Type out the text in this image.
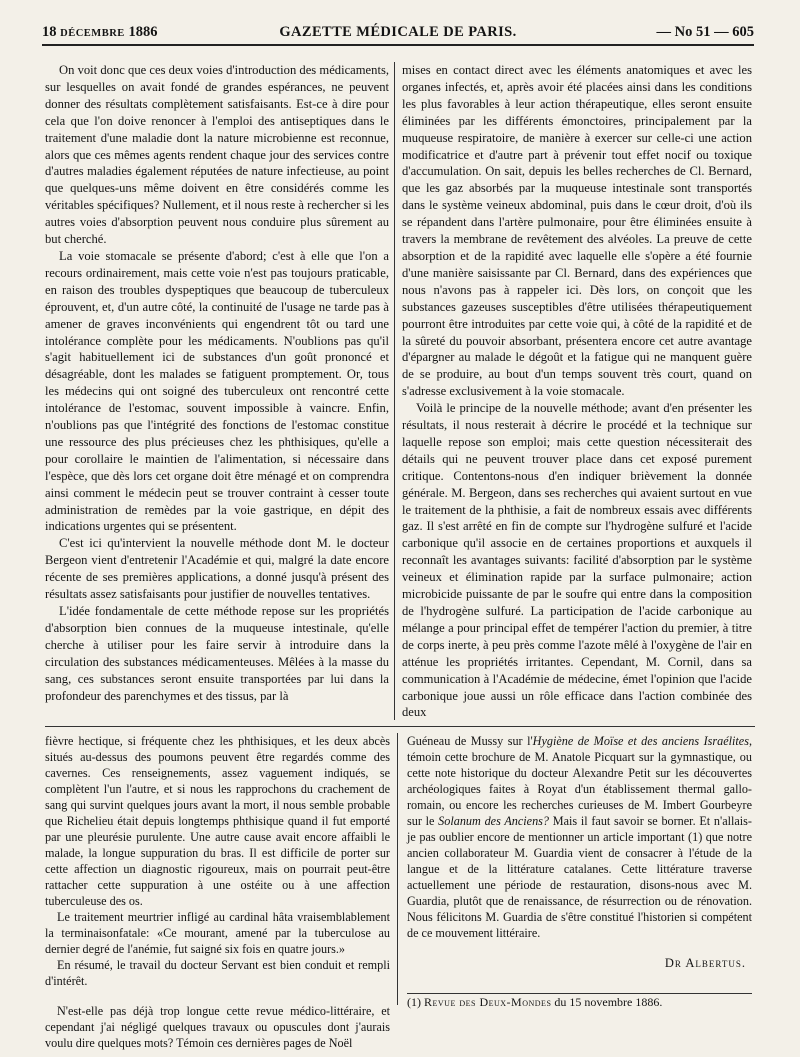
18 DÉCEMBRE 1886	GAZETTE MÉDICALE DE PARIS.	— No 51 — 605

On voit donc que ces deux voies d'introduction des médicaments, sur lesquelles on avait fondé de grandes espérances, ne peuvent donner des résultats complètement satisfaisants. Est-ce à dire pour cela que l'on doive renoncer à l'emploi des antiseptiques dans le traitement d'une maladie dont la nature microbienne est reconnue, alors que ces mêmes agents rendent chaque jour des services contre d'autres maladies également réputées de nature infectieuse, au point que quelques-uns même doivent en être considérés comme les véritables spécifiques? Nullement, et il nous reste à rechercher si les autres voies d'absorption peuvent nous conduire plus sûrement au but cherché.

La voie stomacale se présente d'abord; c'est à elle que l'on a recours ordinairement, mais cette voie n'est pas toujours praticable, en raison des troubles dyspeptiques que beaucoup de tuberculeux éprouvent, et, d'un autre côté, la continuité de l'usage ne tarde pas à amener de graves inconvénients qui engendrent tôt ou tard une intolérance complète pour les médicaments. N'oublions pas qu'il s'agit habituellement ici de substances d'un goût prononcé et désagréable, dont les malades se fatiguent promptement. Or, tous les médecins qui ont soigné des tuberculeux ont rencontré cette intolérance de l'estomac, souvent impossible à vaincre. Enfin, n'oublions pas que l'intégrité des fonctions de l'estomac constitue une ressource des plus précieuses chez les phthisiques, qu'elle a pour corollaire le maintien de l'alimentation, si nécessaire dans l'espèce, que dès lors cet organe doit être ménagé et on comprendra ainsi comment le médecin peut se trouver contraint à cesser toute administration de remèdes par la voie gastrique, en dépit des indications urgentes qui se présentent.

C'est ici qu'intervient la nouvelle méthode dont M. le docteur Bergeon vient d'entretenir l'Académie et qui, malgré la date encore récente de ses premières applications, a donné jusqu'à présent des résultats assez satisfaisants pour justifier de nouvelles tentatives.

L'idée fondamentale de cette méthode repose sur les propriétés d'absorption bien connues de la muqueuse intestinale, qu'elle cherche à utiliser pour les faire servir à introduire dans la circulation des substances médicamenteuses. Mêlées à la masse du sang, ces substances seront ensuite transportées par lui dans la profondeur des parenchymes et des tissus, par là

mises en contact direct avec les éléments anatomiques et avec les organes infectés, et, après avoir été placées ainsi dans les conditions les plus favorables à leur action thérapeutique, elles seront ensuite éliminées par les différents émonctoires, principalement par la muqueuse respiratoire, de manière à exercer sur celle-ci une action modificatrice et d'autre part à prévenir tout effet nocif ou toxique d'accumulation. On sait, depuis les belles recherches de Cl. Bernard, que les gaz absorbés par la muqueuse intestinale sont transportés dans le système veineux abdominal, puis dans le cœur droit, d'où ils se répandent dans l'artère pulmonaire, pour être éliminées ensuite à travers la membrane de revêtement des alvéoles. La preuve de cette absorption et de la rapidité avec laquelle elle s'opère a été fournie d'une manière saisissante par Cl. Bernard, dans des expériences que nous n'avons pas à rappeler ici. Dès lors, on conçoit que les substances gazeuses susceptibles d'être utilisées thérapeutiquement pourront être introduites par cette voie qui, à côté de la rapidité et de la sûreté du pouvoir absorbant, présentera encore cet autre avantage d'épargner au malade le dégoût et la fatigue qui ne manquent guère de se produire, au bout d'un temps souvent très court, quand on s'adresse exclusivement à la voie stomacale.

Voilà le principe de la nouvelle méthode; avant d'en présenter les résultats, il nous resterait à décrire le procédé et la technique sur laquelle repose son emploi; mais cette question nécessiterait des détails qui ne peuvent trouver place dans cet exposé purement critique. Contentons-nous d'en indiquer brièvement la donnée générale. M. Bergeon, dans ses recherches qui avaient surtout en vue le traitement de la phthisie, a fait de nombreux essais avec différents gaz. Il s'est arrêté en fin de compte sur l'hydrogène sulfuré et l'acide carbonique qu'il associe en de certaines proportions et auxquels il reconnaît les avantages suivants: facilité d'absorption par le système veineux et élimination rapide par la surface pulmonaire; action microbicide puissante de par le soufre qui entre dans la composition de l'hydrogène sulfuré. La participation de l'acide carbonique au mélange a pour principal effet de tempérer l'action du premier, à titre de corps inerte, à peu près comme l'azote mêlé à l'oxygène de l'air en atténue les propriétés irritantes. Cependant, M. Cornil, dans sa communication à l'Académie de médecine, émet l'opinion que l'acide carbonique joue aussi un rôle efficace dans l'action combinée des deux

fièvre hectique, si fréquente chez les phthisiques, et les deux abcès situés au-dessus des poumons peuvent être regardés comme des cavernes. Ces renseignements, assez vaguement indiqués, se complètent l'un l'autre, et si nous les rapprochons du crachement de sang qui survint quelques jours avant la mort, il nous semble probable que Richelieu était depuis longtemps phthisique quand il fut emporté par une pleurésie purulente. Une autre cause avait encore affaibli le malade, la longue suppuration du bras. Il est difficile de porter sur cette affection un diagnostic rigoureux, mais on pourrait peut-être rattacher cette suppuration à une ostéite ou à une affection tuberculeuse des os.

Le traitement meurtrier infligé au cardinal hâta vraisemblablement la terminaisonfatale: «Ce mourant, amené par la tuberculose au dernier degré de l'anémie, fut saigné six fois en quatre jours.»

En résumé, le travail du docteur Servant est bien conduit et rempli d'intérêt.

N'est-elle pas déjà trop longue cette revue médico-littéraire, et cependant j'ai négligé quelques travaux ou opuscules dont j'aurais voulu dire quelques mots? Témoin ces dernières pages de Noël

Guéneau de Mussy sur l'Hygiène de Moïse et des anciens Israélites, témoin cette brochure de M. Anatole Picquart sur la gymnastique, ou cette note historique du docteur Alexandre Petit sur les découvertes archéologiques faites à Royat d'un établissement thermal gallo-romain, ou encore les recherches curieuses de M. Imbert Gourbeyre sur le Solanum des Anciens? Mais il faut savoir se borner. Et n'allais-je pas oublier encore de mentionner un article important (1) que notre ancien collaborateur M. Guardia vient de consacrer à l'étude de la langue et de la littérature catalanes. Cette littérature traverse actuellement une période de restauration, disons-nous avec M. Guardia, plutôt que de renaissance, de résurrection ou de rénovation. Nous félicitons M. Guardia de s'être constitué l'historien si compétent de ce mouvement littéraire.

Dr Albertus.

(1) Revue des Deux-Mondes du 15 novembre 1886.
